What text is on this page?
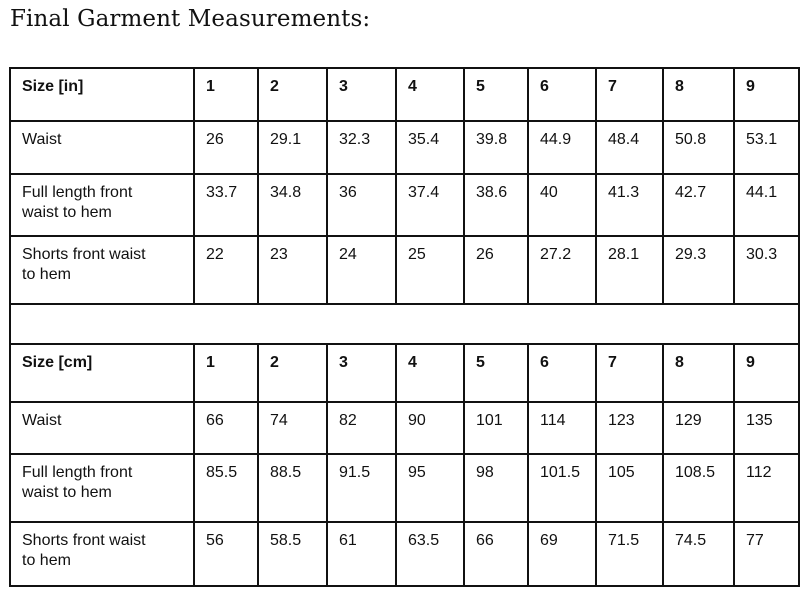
Final Garment Measurements:
Size [in]	1	2	3	4	5	6	7	8	9

Waist	26	29.1	32.3	35.4	39.8	44.9	48.4	50.8	53.1

Full length front
waist to hem	33.7	34.8	36	37.4	38.6	40	41.3	42.7	44.1

Shorts front waist
to hem	22	23	24	25	26	27.2	28.1	29.3	30.3

Size [cm]	1	2	3	4	5	6	7	8	9

Waist	66	74	82	90	101	114	123	129	135

Full length front
waist to hem	85.5	88.5	91.5	95	98	101.5	105	108.5	112

Shorts front waist
to hem	56	58.5	61	63.5	66	69	71.5	74.5	77
